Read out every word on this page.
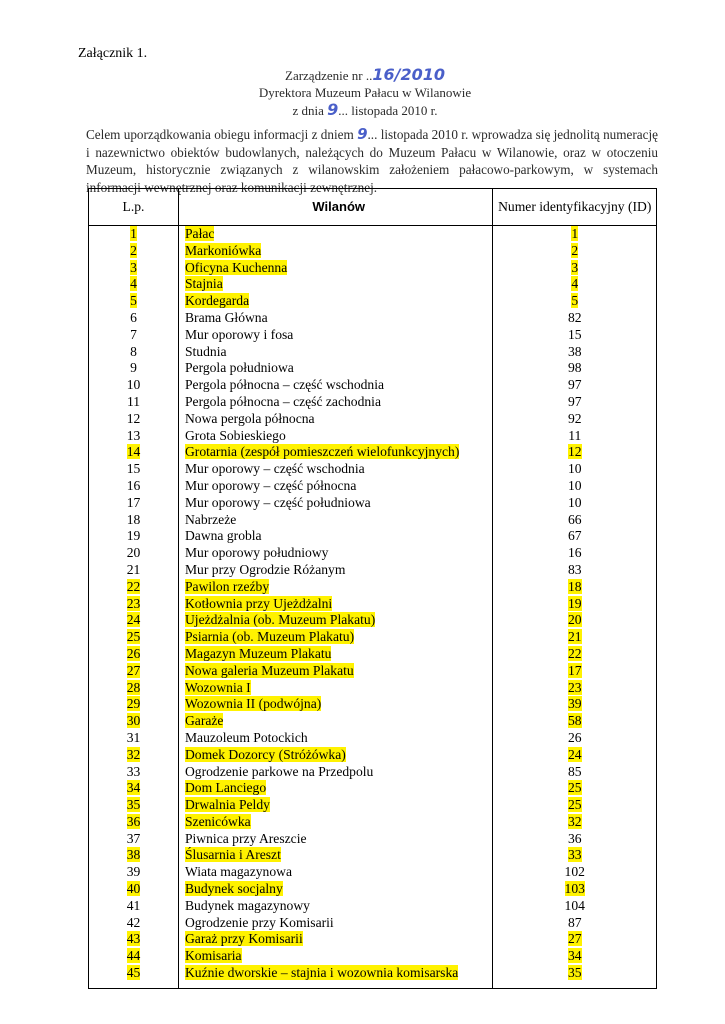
Załącznik 1.
Zarządzenie nr ..16/2010
Dyrektora Muzeum Pałacu w Wilanowie
z dnia 9... listopada 2010 r.
Celem uporządkowania obiegu informacji z dniem 9... listopada 2010 r. wprowadza się jednolitą numerację i nazewnictwo obiektów budowlanych, należących do Muzeum Pałacu w Wilanowie, oraz w otoczeniu Muzeum, historycznie związanych z wilanowskim założeniem pałacowo-parkowym, w systemach informacji wewnętrznej oraz komunikacji zewnętrznej.
L.p.	Wilanów	Numer identyfikacyjny (ID)
1	Pałac	1
2	Markoniówka	2
3	Oficyna Kuchenna	3
4	Stajnia	4
5	Kordegarda	5
6	Brama Główna	82
7	Mur oporowy i fosa	15
8	Studnia	38
9	Pergola południowa	98
10	Pergola północna – część wschodnia	97
11	Pergola północna – część zachodnia	97
12	Nowa pergola północna	92
13	Grota Sobieskiego	11
14	Grotarnia (zespół pomieszczeń wielofunkcyjnych)	12
15	Mur oporowy – część wschodnia	10
16	Mur oporowy – część północna	10
17	Mur oporowy – część południowa	10
18	Nabrzeże	66
19	Dawna grobla	67
20	Mur oporowy południowy	16
21	Mur przy Ogrodzie Różanym	83
22	Pawilon rzeźby	18
23	Kotłownia przy Ujeżdżalni	19
24	Ujeżdżalnia (ob. Muzeum Plakatu)	20
25	Psiarnia (ob. Muzeum Plakatu)	21
26	Magazyn Muzeum Plakatu	22
27	Nowa galeria Muzeum Plakatu	17
28	Wozownia I	23
29	Wozownia II (podwójna)	39
30	Garaże	58
31	Mauzoleum Potockich	26
32	Domek Dozorcy (Stróżówka)	24
33	Ogrodzenie parkowe na Przedpolu	85
34	Dom Lanciego	25
35	Drwalnia Peldy	25
36	Szenicówka	32
37	Piwnica przy Areszcie	36
38	Ślusarnia i Areszt	33
39	Wiata magazynowa	102
40	Budynek socjalny	103
41	Budynek magazynowy	104
42	Ogrodzenie przy Komisarii	87
43	Garaż przy Komisarii	27
44	Komisaria	34
45	Kuźnie dworskie – stajnia i wozownia komisarska	35
